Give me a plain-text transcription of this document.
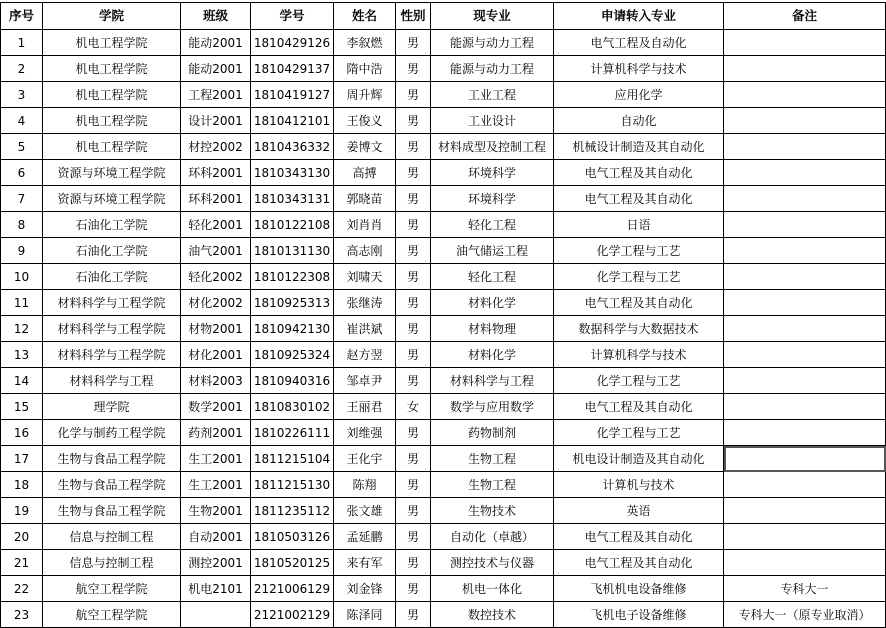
序号	学院	班级	学号	姓名	性别	现专业	申请转入专业	备注
1	机电工程学院	能动2001	1810429126	李叙燃	男	能源与动力工程	电气工程及自动化	
2	机电工程学院	能动2001	1810429137	隋中浩	男	能源与动力工程	计算机科学与技术	
3	机电工程学院	工程2001	1810419127	周升辉	男	工业工程	应用化学	
4	机电工程学院	设计2001	1810412101	王俊义	男	工业设计	自动化	
5	机电工程学院	材控2002	1810436332	姜博文	男	材料成型及控制工程	机械设计制造及其自动化	
6	资源与环境工程学院	环科2001	1810343130	高搏	男	环境科学	电气工程及其自动化	
7	资源与环境工程学院	环科2001	1810343131	郭晓苗	男	环境科学	电气工程及其自动化	
8	石油化工学院	轻化2001	1810122108	刘肖肖	男	轻化工程	日语	
9	石油化工学院	油气2001	1810131130	高志刚	男	油气储运工程	化学工程与工艺	
10	石油化工学院	轻化2002	1810122308	刘啸天	男	轻化工程	化学工程与工艺	
11	材料科学与工程学院	材化2002	1810925313	张继涛	男	材料化学	电气工程及其自动化	
12	材料科学与工程学院	材物2001	1810942130	崔洪斌	男	材料物理	数据科学与大数据技术	
13	材料科学与工程学院	材化2001	1810925324	赵方翌	男	材料化学	计算机科学与技术	
14	材料科学与工程	材料2003	1810940316	邹卓尹	男	材料科学与工程	化学工程与工艺	
15	理学院	数学2001	1810830102	王丽君	女	数学与应用数学	电气工程及其自动化	
16	化学与制药工程学院	药剂2001	1810226111	刘维强	男	药物制剂	化学工程与工艺	
17	生物与食品工程学院	生工2001	1811215104	王化宇	男	生物工程	机电设计制造及其自动化	
18	生物与食品工程学院	生工2001	1811215130	陈翔	男	生物工程	计算机与技术	
19	生物与食品工程学院	生物2001	1811235112	张文雄	男	生物技术	英语	
20	信息与控制工程	自动2001	1810503126	孟延鹏	男	自动化（卓越）	电气工程及其自动化	
21	信息与控制工程	测控2001	1810520125	来有军	男	测控技术与仪器	电气工程及其自动化	
22	航空工程学院	机电2101	2121006129	刘金锋	男	机电一体化	飞机机电设备维修	专科大一
23	航空工程学院		2121002129	陈泽同	男	数控技术	飞机电子设备维修	专科大一（原专业取消）
